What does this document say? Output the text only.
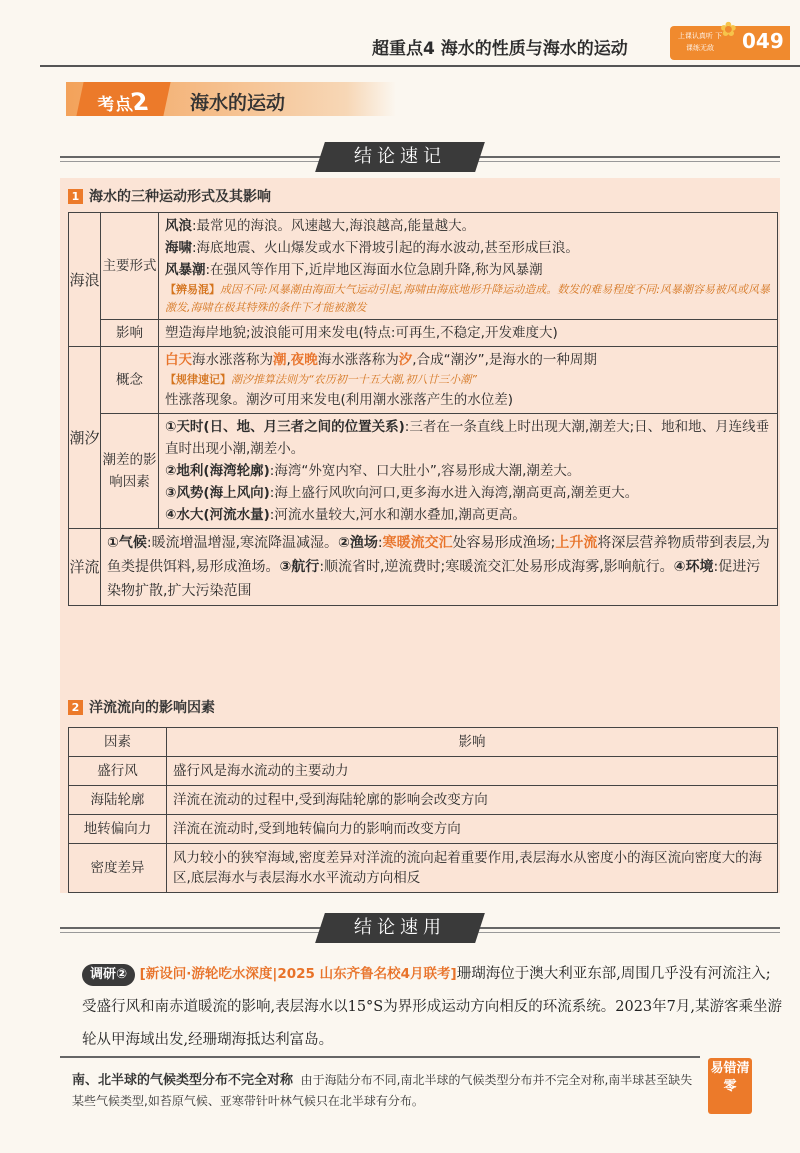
超重点4 海水的性质与海水的运动
✿
上课认真听 下课练无敌	049
考点2	海水的运动
结论速记
1 海水的三种运动形式及其影响
海浪	主要形式	风浪:最常见的海浪。风速越大,海浪越高,能量越大。
海啸:海底地震、火山爆发或水下滑坡引起的海水波动,甚至形成巨浪。
风暴潮:在强风等作用下,近岸地区海面水位急剧升降,称为风暴潮
【辨易混】成因不同:风暴潮由海面大气运动引起,海啸由海底地形升降运动造成。数发的难易程度不同:风暴潮容易被风或风暴激发,海啸在极其特殊的条件下才能被激发

	影响	塑造海岸地貌;波浪能可用来发电(特点:可再生,不稳定,开发难度大)
潮汐	概念	白天海水涨落称为潮,夜晚海水涨落称为汐,合成“潮汐”,是海水的一种周期
【规律速记】潮汐推算法则为“农历初一十五大潮,初八廿三小潮”
性涨落现象。潮汐可用来发电(利用潮水涨落产生的水位差)

	潮差的影响因素	①天时(日、地、月三者之间的位置关系):三者在一条直线上时出现大潮,潮差大;日、地和地、月连线垂直时出现小潮,潮差小。
②地利(海湾轮廓):海湾“外宽内窄、口大肚小”,容易形成大潮,潮差大。
③风势(海上风向):海上盛行风吹向河口,更多海水进入海湾,潮高更高,潮差更大。
④水大(河流水量):河流水量较大,河水和潮水叠加,潮高更高。

洋流	①气候:暖流增温增湿,寒流降温减湿。②渔场:寒暖流交汇处容易形成渔场;上升流将深层营养物质带到表层,为鱼类提供饵料,易形成渔场。③航行:顺流省时,逆流费时;寒暖流交汇处易形成海雾,影响航行。④环境:促进污染物扩散,扩大污染范围	
2 洋流流向的影响因素
因素	影响
盛行风	盛行风是海水流动的主要动力
海陆轮廓	洋流在流动的过程中,受到海陆轮廓的影响会改变方向
地转偏向力	洋流在流动时,受到地转偏向力的影响而改变方向
密度差异	风力较小的狭窄海域,密度差异对洋流的流向起着重要作用,表层海水从密度小的海区流向密度大的海区,底层海水与表层海水水平流动方向相反
结论速用
调研② [新设问·游轮吃水深度|2025 山东齐鲁名校4月联考]珊瑚海位于澳大利亚东部,周围几乎没有河流注入;受盛行风和南赤道暖流的影响,表层海水以15°S为界形成运动方向相反的环流系统。2023年7月,某游客乘坐游轮从甲海域出发,经珊瑚海抵达利富岛。
南、北半球的气候类型分布不完全对称 由于海陆分布不同,南北半球的气候类型分布并不完全对称,南半球甚至缺失某些气候类型,如苔原气候、亚寒带针叶林气候只在北半球有分布。
易错清零
